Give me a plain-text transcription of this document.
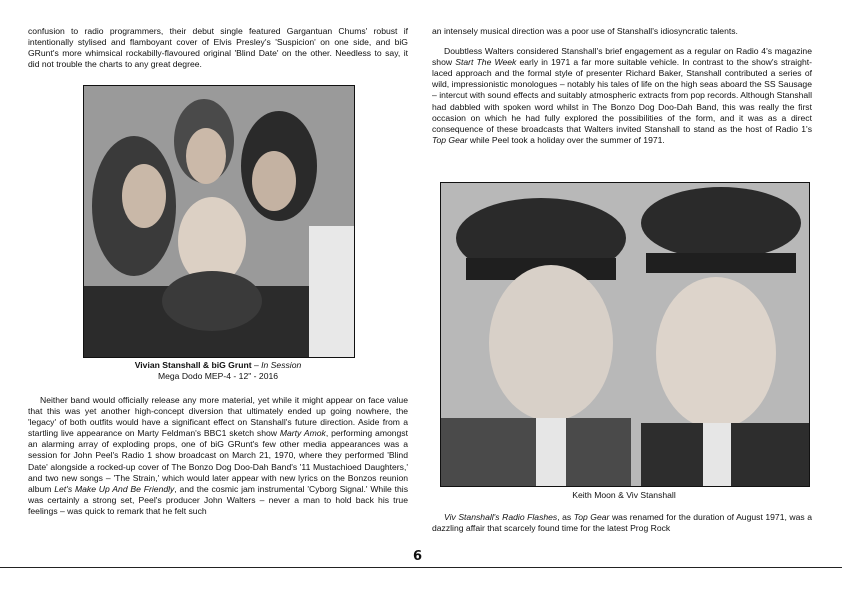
confusion to radio programmers, their debut single featured Gargantuan Chums' robust if intentionally stylised and flamboyant cover of Elvis Presley's 'Suspicion' on one side, and biG GRunt's more whimsical rockabilly-flavoured original 'Blind Date' on the other. Needless to say, it did not trouble the charts to any great degree.

Vivian Stanshall & biG Grunt – In Session
Mega Dodo MEP-4 - 12" - 2016

Neither band would officially release any more material, yet while it might appear on face value that this was yet another high-concept diversion that ultimately ended up going nowhere, the 'legacy' of both outfits would have a significant effect on Stanshall's future direction. Aside from a startling live appearance on Marty Feldman's BBC1 sketch show Marty Amok, performing amongst an alarming array of exploding props, one of biG GRunt's few other media appearances was a session for John Peel's Radio 1 show broadcast on March 21, 1970, where they performed 'Blind Date' alongside a rocked-up cover of The Bonzo Dog Doo-Dah Band's '11 Mustachioed Daughters,' and two new songs – 'The Strain,' which would later appear with new lyrics on the Bonzos reunion album Let's Make Up And Be Friendly, and the cosmic jam instrumental 'Cyborg Signal.' While this was certainly a strong set, Peel's producer John Walters – never a man to hold back his true feelings – was quick to remark that he felt such

an intensely musical direction was a poor use of Stanshall's idiosyncratic talents.

Doubtless Walters considered Stanshall's brief engagement as a regular on Radio 4's magazine show Start The Week early in 1971 a far more suitable vehicle. In contrast to the show's straight-laced approach and the formal style of presenter Richard Baker, Stanshall contributed a series of wild, impressionistic monologues – notably his tales of life on the high seas aboard the SS Sausage – intercut with sound effects and suitably atmospheric extracts from pop records. Although Stanshall had dabbled with spoken word whilst in The Bonzo Dog Doo-Dah Band, this was really the first occasion on which he had fully explored the possibilities of the form, and it was as a direct consequence of these broadcasts that Walters invited Stanshall to stand as the host of Radio 1's Top Gear while Peel took a holiday over the summer of 1971.

Keith Moon & Viv Stanshall

Viv Stanshall's Radio Flashes, as Top Gear was renamed for the duration of August 1971, was a dazzling affair that scarcely found time for the latest Prog Rock

6
